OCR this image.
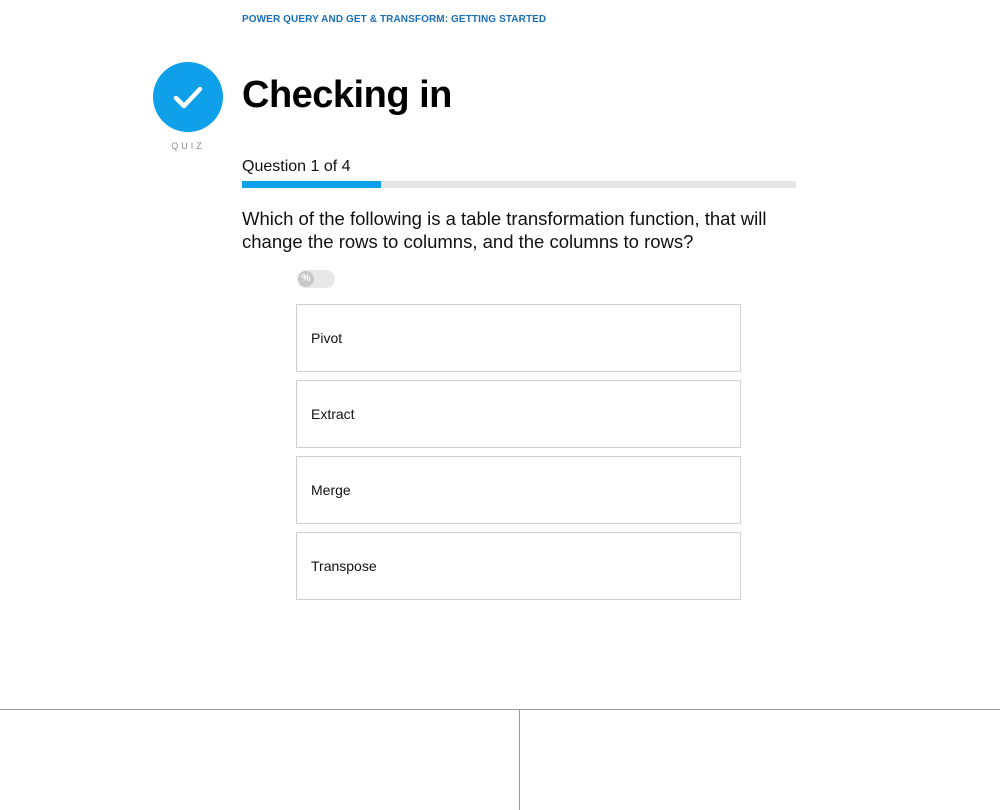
POWER QUERY AND GET & TRANSFORM: GETTING STARTED
QUIZ
Checking in
Question 1 of 4
Which of the following is a table transformation function, that will change the rows to columns, and the columns to rows?
%
Pivot
Extract
Merge
Transpose
